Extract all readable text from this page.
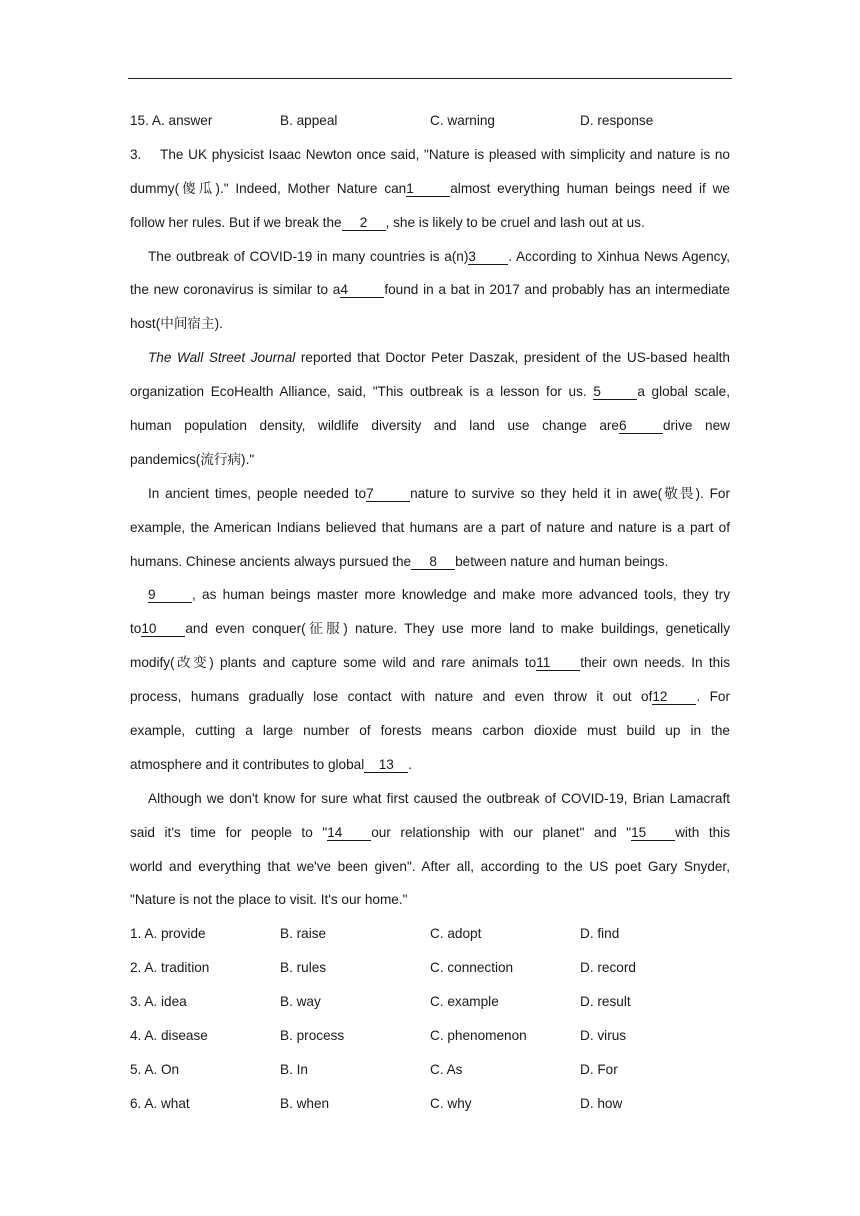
15. A. answer	B. appeal	C. warning	D. response
3.    The UK physicist Isaac Newton once said, "Nature is pleased with simplicity and nature is no
dummy(傻瓜)." Indeed, Mother Nature can1	almost everything human beings need if we
follow her rules. But if we break the 2 , she is likely to be cruel and lash out at us.
The outbreak of COVID-19 in many countries is a(n)3 . According to Xinhua News Agency,
the new coronavirus is similar to a4	found in a bat in 2017 and probably has an intermediate
host(中间宿主).
The Wall Street Journal reported that Doctor Peter Daszak, president of the US-based health
organization EcoHealth Alliance, said, "This outbreak is a lesson for us. 5	a global scale,
human population density, wildlife diversity and land use change are6	drive new
pandemics(流行病)."
In ancient times, people needed to7	nature to survive so they held it in awe(敬畏). For
example, the American Indians believed that humans are a part of nature and nature is a part of
humans. Chinese ancients always pursued the 8 between nature and human beings.
9	, as human beings master more knowledge and make more advanced tools, they try
to10 and even conquer(征服) nature. They use more land to make buildings, genetically
modify(改变) plants and capture some wild and rare animals to11 their own needs. In this
process, humans gradually lose contact with nature and even throw it out of12 . For
example, cutting a large number of forests means carbon dioxide must build up in the
atmosphere and it contributes to global 13 .
Although we don't know for sure what first caused the outbreak of COVID-19, Brian Lamacraft
said it's time for people to "14 our relationship with our planet" and "15 with this
world and everything that we've been given". After all, according to the US poet Gary Snyder,
"Nature is not the place to visit. It's our home."
1. A. provide	B. raise	C. adopt	D. find
2. A. tradition	B. rules	C. connection	D. record
3. A. idea	B. way	C. example	D. result
4. A. disease	B. process	C. phenomenon	D. virus
5. A. On	B. In	C. As	D. For
6. A. what	B. when	C. why	D. how
